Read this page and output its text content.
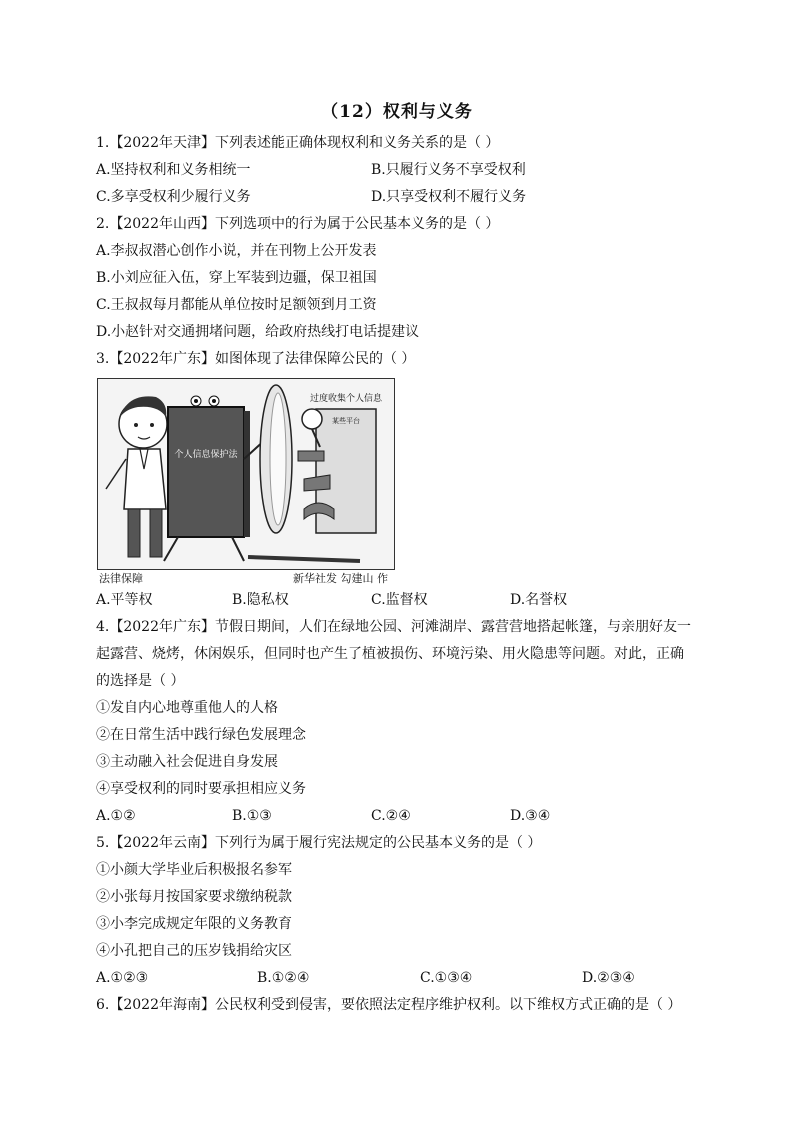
（12）权利与义务
1.【2022年天津】下列表述能正确体现权利和义务关系的是（ ）
A.坚持权利和义务相统一	B.只履行义务不享受权利
C.多享受权利少履行义务	D.只享受权利不履行义务
2.【2022年山西】下列选项中的行为属于公民基本义务的是（ ）
A.李叔叔潜心创作小说，并在刊物上公开发表
B.小刘应征入伍，穿上军装到边疆，保卫祖国
C.王叔叔每月都能从单位按时足额领到月工资
D.小赵针对交通拥堵问题，给政府热线打电话提建议
3.【2022年广东】如图体现了法律保障公民的（ ）
个人信息保护法
过度收集个人信息
某些平台
法律保障	新华社发 勾建山 作
A.平等权	B.隐私权	C.监督权	D.名誉权
4.【2022年广东】节假日期间，人们在绿地公园、河滩湖岸、露营营地搭起帐篷，与亲朋好友一
起露营、烧烤，休闲娱乐，但同时也产生了植被损伤、环境污染、用火隐患等问题。对此，正确
的选择是（ ）
①发自内心地尊重他人的人格
②在日常生活中践行绿色发展理念
③主动融入社会促进自身发展
④享受权利的同时要承担相应义务
A.①②	B.①③	C.②④	D.③④
5.【2022年云南】下列行为属于履行宪法规定的公民基本义务的是（ ）
①小颜大学毕业后积极报名参军
②小张每月按国家要求缴纳税款
③小李完成规定年限的义务教育
④小孔把自己的压岁钱捐给灾区
A.①②③	B.①②④	C.①③④	D.②③④
6.【2022年海南】公民权利受到侵害，要依照法定程序维护权利。以下维权方式正确的是（ ）
